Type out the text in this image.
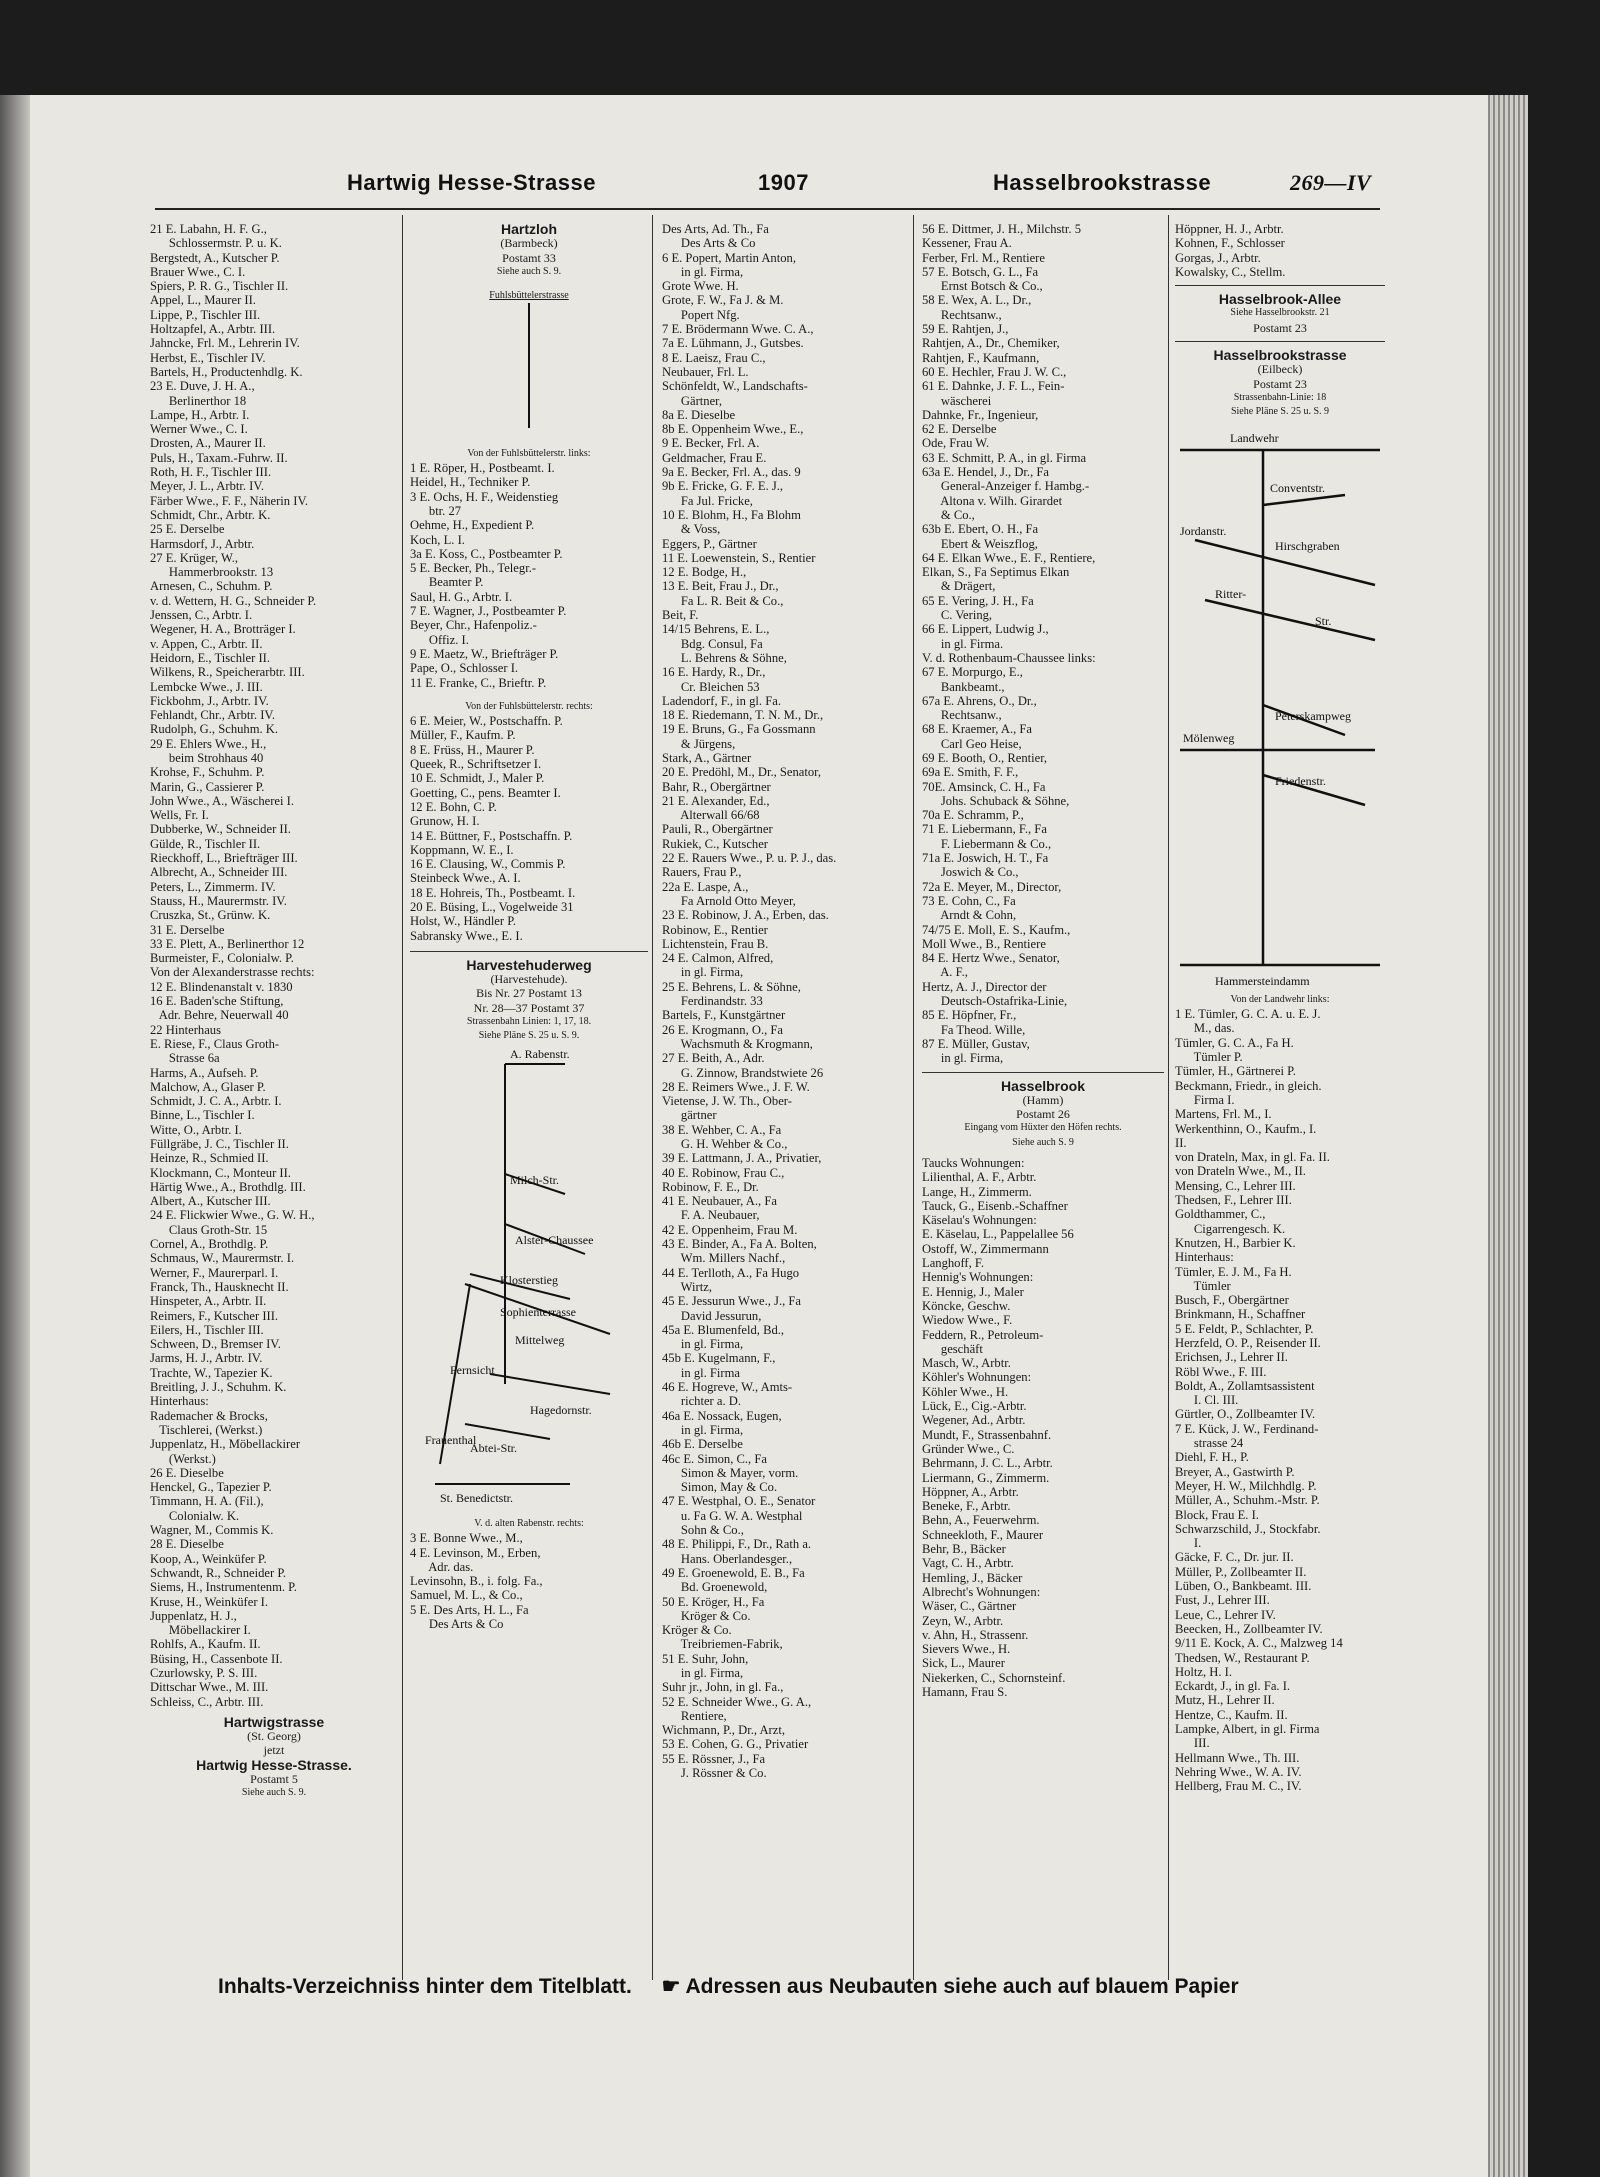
Hartwig Hesse-Strasse	1907	Hasselbrookstrasse	269—IV
21 E. Labahn, H. F. G.,
Schlossermstr. P. u. K.
Bergstedt, A., Kutscher P.
Brauer Wwe., C. I.
Spiers, P. R. G., Tischler II.
Appel, L., Maurer II.
Lippe, P., Tischler III.
Holtzapfel, A., Arbtr. III.
Jahncke, Frl. M., Lehrerin IV.
Herbst, E., Tischler IV.
Bartels, H., Productenhdlg. K.
23 E. Duve, J. H. A.,
Berlinerthor 18
Lampe, H., Arbtr. I.
Werner Wwe., C. I.
Drosten, A., Maurer II.
Puls, H., Taxam.-Fuhrw. II.
Roth, H. F., Tischler III.
Meyer, J. L., Arbtr. IV.
Färber Wwe., F. F., Näherin IV.
Schmidt, Chr., Arbtr. K.
25 E. Derselbe
Harmsdorf, J., Arbtr.
27 E. Krüger, W.,
Hammerbrookstr. 13
Arnesen, C., Schuhm. P.
v. d. Wettern, H. G., Schneider P.
Jenssen, C., Arbtr. I.
Wegener, H. A., Brotträger I.
v. Appen, C., Arbtr. II.
Heidorn, E., Tischler II.
Wilkens, R., Speicherarbtr. III.
Lembcke Wwe., J. III.
Fickbohm, J., Arbtr. IV.
Fehlandt, Chr., Arbtr. IV.
Rudolph, G., Schuhm. K.
29 E. Ehlers Wwe., H.,
beim Strohhaus 40
Krohse, F., Schuhm. P.
Marin, G., Cassierer P.
John Wwe., A., Wäscherei I.
Wells, Fr. I.
Dubberke, W., Schneider II.
Gülde, R., Tischler II.
Rieckhoff, L., Briefträger III.
Albrecht, A., Schneider III.
Peters, L., Zimmerm. IV.
Stauss, H., Maurermstr. IV.
Cruszka, St., Grünw. K.
31 E. Derselbe
33 E. Plett, A., Berlinerthor 12
Burmeister, F., Colonialw. P.
Von der Alexanderstrasse rechts:
12 E. Blindenanstalt v. 1830
16 E. Baden'sche Stiftung,
Adr. Behre, Neuerwall 40
22 Hinterhaus
E. Riese, F., Claus Groth-
Strasse 6a
Harms, A., Aufseh. P.
Malchow, A., Glaser P.
Schmidt, J. C. A., Arbtr. I.
Binne, L., Tischler I.
Witte, O., Arbtr. I.
Füllgräbe, J. C., Tischler II.
Heinze, R., Schmied II.
Klockmann, C., Monteur II.
Härtig Wwe., A., Brothdlg. III.
Albert, A., Kutscher III.
24 E. Flickwier Wwe., G. W. H.,
Claus Groth-Str. 15
Cornel, A., Brothdlg. P.
Schmaus, W., Maurermstr. I.
Werner, F., Maurerparl. I.
Franck, Th., Hausknecht II.
Hinspeter, A., Arbtr. II.
Reimers, F., Kutscher III.
Eilers, H., Tischler III.
Schween, D., Bremser IV.
Jarms, H. J., Arbtr. IV.
Trachte, W., Tapezier K.
Breitling, J. J., Schuhm. K.
Hinterhaus:
Rademacher & Brocks,
Tischlerei, (Werkst.)
Juppenlatz, H., Möbellackirer
(Werkst.)
26 E. Dieselbe
Henckel, G., Tapezier P.
Timmann, H. A. (Fil.),
Colonialw. K.
Wagner, M., Commis K.
28 E. Dieselbe
Koop, A., Weinküfer P.
Schwandt, R., Schneider P.
Siems, H., Instrumentenm. P.
Kruse, H., Weinküfer I.
Juppenlatz, H. J.,
Möbellackirer I.
Rohlfs, A., Kaufm. II.
Büsing, H., Cassenbote II.
Czurlowsky, P. S. III.
Dittschar Wwe., M. III.
Schleiss, C., Arbtr. III.
Hartwigstrasse
(St. Georg)
jetzt
Hartwig Hesse-Strasse.
Postamt 5
Siehe auch S. 9.
Hartzloh
(Barmbeck)
Postamt 33
Siehe auch S. 9.
Fuhlsbüttelerstrasse
Von der Fuhlsbüttelerstr. links:
1 E. Röper, H., Postbeamt. I.
Heidel, H., Techniker P.
3 E. Ochs, H. F., Weidenstieg
btr. 27
Oehme, H., Expedient P.
Koch, L. I.
3a E. Koss, C., Postbeamter P.
5 E. Becker, Ph., Telegr.-
Beamter P.
Saul, H. G., Arbtr. I.
7 E. Wagner, J., Postbeamter P.
Beyer, Chr., Hafenpoliz.-
Offiz. I.
9 E. Maetz, W., Briefträger P.
Pape, O., Schlosser I.
11 E. Franke, C., Brieftr. P.
Von der Fuhlsbüttelerstr. rechts:
6 E. Meier, W., Postschaffn. P.
Müller, F., Kaufm. P.
8 E. Früss, H., Maurer P.
Queek, R., Schriftsetzer I.
10 E. Schmidt, J., Maler P.
Goetting, C., pens. Beamter I.
12 E. Bohn, C. P.
Grunow, H. I.
14 E. Büttner, F., Postschaffn. P.
Koppmann, W. E., I.
16 E. Clausing, W., Commis P.
Steinbeck Wwe., A. I.
18 E. Hohreis, Th., Postbeamt. I.
20 E. Büsing, L., Vogelweide 31
Holst, W., Händler P.
Sabransky Wwe., E. I.
Harvestehuderweg
(Harvestehude).
Bis Nr. 27 Postamt 13
Nr. 28—37 Postamt 37
Strassenbahn Linien: 1, 17, 18.
Siehe Pläne S. 25 u. S. 9.
A. Rabenstr.
Milch-Str.
Alster-Chaussee
Klosterstieg
Sophienterrasse
Fernsicht
Mittelweg
Hagedornstr.
Frauenthal
Abtei-Str.
St. Benedictstr.
V. d. alten Rabenstr. rechts:
3 E. Bonne Wwe., M.,
4 E. Levinson, M., Erben,
Adr. das.
Levinsohn, B., i. folg. Fa.,
Samuel, M. L., & Co.,
5 E. Des Arts, H. L., Fa
Des Arts & Co
Des Arts, Ad. Th., Fa
Des Arts & Co
6 E. Popert, Martin Anton,
in gl. Firma,
Grote Wwe. H.
Grote, F. W., Fa J. & M.
Popert Nfg.
7 E. Brödermann Wwe. C. A.,
7a E. Lühmann, J., Gutsbes.
8 E. Laeisz, Frau C.,
Neubauer, Frl. L.
Schönfeldt, W., Landschafts-
Gärtner,
8a E. Dieselbe
8b E. Oppenheim Wwe., E.,
9 E. Becker, Frl. A.
Geldmacher, Frau E.
9a E. Becker, Frl. A., das. 9
9b E. Fricke, G. F. E. J.,
Fa Jul. Fricke,
10 E. Blohm, H., Fa Blohm
& Voss,
Eggers, P., Gärtner
11 E. Loewenstein, S., Rentier
12 E. Bodge, H.,
13 E. Beit, Frau J., Dr.,
Fa L. R. Beit & Co.,
Beit, F.
14/15 Behrens, E. L.,
Bdg. Consul, Fa
L. Behrens & Söhne,
16 E. Hardy, R., Dr.,
Cr. Bleichen 53
Ladendorf, F., in gl. Fa.
18 E. Riedemann, T. N. M., Dr.,
19 E. Bruns, G., Fa Gossmann
& Jürgens,
Stark, A., Gärtner
20 E. Predöhl, M., Dr., Senator,
Bahr, R., Obergärtner
21 E. Alexander, Ed.,
Alterwall 66/68
Pauli, R., Obergärtner
Rukiek, C., Kutscher
22 E. Rauers Wwe., P. u. P. J., das.
Rauers, Frau P.,
22a E. Laspe, A.,
Fa Arnold Otto Meyer,
23 E. Robinow, J. A., Erben, das.
Robinow, E., Rentier
Lichtenstein, Frau B.
24 E. Calmon, Alfred,
in gl. Firma,
25 E. Behrens, L. & Söhne,
Ferdinandstr. 33
Bartels, F., Kunstgärtner
26 E. Krogmann, O., Fa
Wachsmuth & Krogmann,
27 E. Beith, A., Adr.
G. Zinnow, Brandstwiete 26
28 E. Reimers Wwe., J. F. W.
Vietense, J. W. Th., Ober-
gärtner
38 E. Wehber, C. A., Fa
G. H. Wehber & Co.,
39 E. Lattmann, J. A., Privatier,
40 E. Robinow, Frau C.,
Robinow, F. E., Dr.
41 E. Neubauer, A., Fa
F. A. Neubauer,
42 E. Oppenheim, Frau M.
43 E. Binder, A., Fa A. Bolten,
Wm. Millers Nachf.,
44 E. Terlloth, A., Fa Hugo
Wirtz,
45 E. Jessurun Wwe., J., Fa
David Jessurun,
45a E. Blumenfeld, Bd.,
in gl. Firma,
45b E. Kugelmann, F.,
in gl. Firma
46 E. Hogreve, W., Amts-
richter a. D.
46a E. Nossack, Eugen,
in gl. Firma,
46b E. Derselbe
46c E. Simon, C., Fa
Simon & Mayer, vorm.
Simon, May & Co.
47 E. Westphal, O. E., Senator
u. Fa G. W. A. Westphal
Sohn & Co.,
48 E. Philippi, F., Dr., Rath a.
Hans. Oberlandesger.,
49 E. Groenewold, E. B., Fa
Bd. Groenewold,
50 E. Kröger, H., Fa
Kröger & Co.
Kröger & Co.
Treibriemen-Fabrik,
51 E. Suhr, John,
in gl. Firma,
Suhr jr., John, in gl. Fa.,
52 E. Schneider Wwe., G. A.,
Rentiere,
Wichmann, P., Dr., Arzt,
53 E. Cohen, G. G., Privatier
55 E. Rössner, J., Fa
J. Rössner & Co.
56 E. Dittmer, J. H., Milchstr. 5
Kessener, Frau A.
Ferber, Frl. M., Rentiere
57 E. Botsch, G. L., Fa
Ernst Botsch & Co.,
58 E. Wex, A. L., Dr.,
Rechtsanw.,
59 E. Rahtjen, J.,
Rahtjen, A., Dr., Chemiker,
Rahtjen, F., Kaufmann,
60 E. Hechler, Frau J. W. C.,
61 E. Dahnke, J. F. L., Fein-
wäscherei
Dahnke, Fr., Ingenieur,
62 E. Derselbe
Ode, Frau W.
63 E. Schmitt, P. A., in gl. Firma
63a E. Hendel, J., Dr., Fa
General-Anzeiger f. Hambg.-
Altona v. Wilh. Girardet
& Co.,
63b E. Ebert, O. H., Fa
Ebert & Weiszflog,
64 E. Elkan Wwe., E. F., Rentiere,
Elkan, S., Fa Septimus Elkan
& Drägert,
65 E. Vering, J. H., Fa
C. Vering,
66 E. Lippert, Ludwig J.,
in gl. Firma.
V. d. Rothenbaum-Chaussee links:
67 E. Morpurgo, E.,
Bankbeamt.,
67a E. Ahrens, O., Dr.,
Rechtsanw.,
68 E. Kraemer, A., Fa
Carl Geo Heise,
69 E. Booth, O., Rentier,
69a E. Smith, F. F.,
70E. Amsinck, C. H., Fa
Johs. Schuback & Söhne,
70a E. Schramm, P.,
71 E. Liebermann, F., Fa
F. Liebermann & Co.,
71a E. Joswich, H. T., Fa
Joswich & Co.,
72a E. Meyer, M., Director,
73 E. Cohn, C., Fa
Arndt & Cohn,
74/75 E. Moll, E. S., Kaufm.,
Moll Wwe., B., Rentiere
84 E. Hertz Wwe., Senator,
A. F.,
Hertz, A. J., Director der
Deutsch-Ostafrika-Linie,
85 E. Höpfner, Fr.,
Fa Theod. Wille,
87 E. Müller, Gustav,
in gl. Firma,
Hasselbrook
(Hamm)
Postamt 26
Eingang vom Hüxter den Höfen rechts.
Siehe auch S. 9
Taucks Wohnungen:
Lilienthal, A. F., Arbtr.
Lange, H., Zimmerm.
Tauck, G., Eisenb.-Schaffner
Käselau's Wohnungen:
E. Käselau, L., Pappelallee 56
Ostoff, W., Zimmermann
Langhoff, F.
Hennig's Wohnungen:
E. Hennig, J., Maler
Köncke, Geschw.
Wiedow Wwe., F.
Feddern, R., Petroleum-
geschäft
Masch, W., Arbtr.
Köhler's Wohnungen:
Köhler Wwe., H.
Lück, E., Cig.-Arbtr.
Wegener, Ad., Arbtr.
Mundt, F., Strassenbahnf.
Gründer Wwe., C.
Behrmann, J. C. L., Arbtr.
Liermann, G., Zimmerm.
Höppner, A., Arbtr.
Beneke, F., Arbtr.
Behn, A., Feuerwehrm.
Schneekloth, F., Maurer
Behr, B., Bäcker
Vagt, C. H., Arbtr.
Hemling, J., Bäcker
Albrecht's Wohnungen:
Wäser, C., Gärtner
Zeyn, W., Arbtr.
v. Ahn, H., Strassenr.
Sievers Wwe., H.
Sick, L., Maurer
Niekerken, C., Schornsteinf.
Hamann, Frau S.
Höppner, H. J., Arbtr.
Kohnen, F., Schlosser
Gorgas, J., Arbtr.
Kowalsky, C., Stellm.
Hasselbrook-Allee
Siehe Hasselbrookstr. 21
Postamt 23
Hasselbrookstrasse
(Eilbeck)
Postamt 23
Strassenbahn-Linie: 18
Siehe Pläne S. 25 u. S. 9
Landwehr
Conventstr.
Jordanstr.
Hirschgraben
Ritter-
Str.
Peterskampweg
Mölenweg
Friedenstr.
Hammersteindamm
Von der Landwehr links:
1 E. Tümler, G. C. A. u. E. J.
M., das.
Tümler, G. C. A., Fa H.
Tümler P.
Tümler, H., Gärtnerei P.
Beckmann, Friedr., in gleich.
Firma I.
Martens, Frl. M., I.
Werkenthinn, O., Kaufm., I.
II.
von Drateln, Max, in gl. Fa. II.
von Drateln Wwe., M., II.
Mensing, C., Lehrer III.
Thedsen, F., Lehrer III.
Goldthammer, C.,
Cigarrengesch. K.
Knutzen, H., Barbier K.
Hinterhaus:
Tümler, E. J. M., Fa H.
Tümler
Busch, F., Obergärtner
Brinkmann, H., Schaffner
5 E. Feldt, P., Schlachter, P.
Herzfeld, O. P., Reisender II.
Erichsen, J., Lehrer II.
Röbl Wwe., F. III.
Boldt, A., Zollamtsassistent
I. Cl. III.
Gürtler, O., Zollbeamter IV.
7 E. Kück, J. W., Ferdinand-
strasse 24
Diehl, F. H., P.
Breyer, A., Gastwirth P.
Meyer, H. W., Milchhdlg. P.
Müller, A., Schuhm.-Mstr. P.
Block, Frau E. I.
Schwarzschild, J., Stockfabr.
I.
Gäcke, F. C., Dr. jur. II.
Müller, P., Zollbeamter II.
Lüben, O., Bankbeamt. III.
Fust, J., Lehrer III.
Leue, C., Lehrer IV.
Beecken, H., Zollbeamter IV.
9/11 E. Kock, A. C., Malzweg 14
Thedsen, W., Restaurant P.
Holtz, H. I.
Eckardt, J., in gl. Fa. I.
Mutz, H., Lehrer II.
Hentze, C., Kaufm. II.
Lampke, Albert, in gl. Firma
III.
Hellmann Wwe., Th. III.
Nehring Wwe., W. A. IV.
Hellberg, Frau M. C., IV.
Inhalts-Verzeichniss hinter dem Titelblatt. ☛ Adressen aus Neubauten siehe auch auf blauem Papier
